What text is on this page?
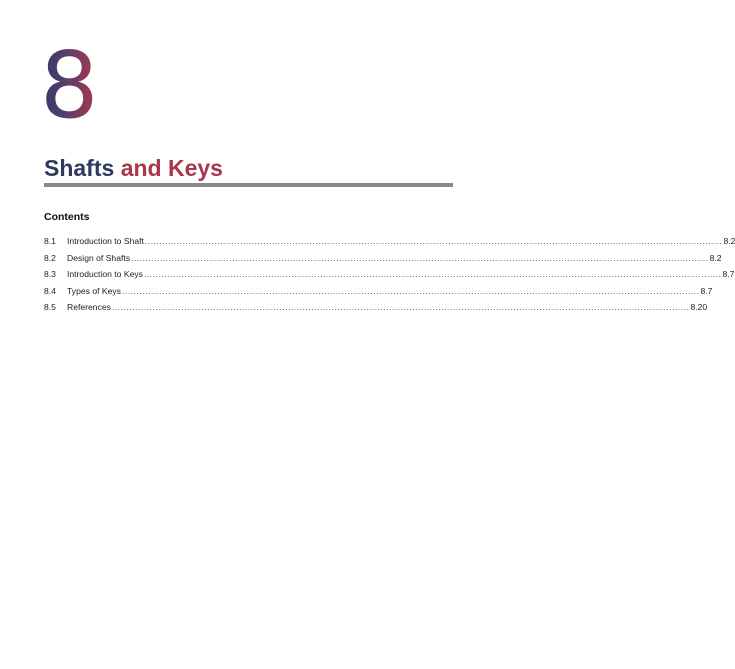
8
Shafts and Keys
Contents
8.1	Introduction to Shaft ........................................................................................................................................................................................................ 8.2
8.2	Design of Shafts ........................................................................................................................................................................................................ 8.2
8.3	Introduction to Keys ........................................................................................................................................................................................................ 8.7
8.4	Types of Keys ........................................................................................................................................................................................................ 8.7
8.5	References ........................................................................................................................................................................................................ 8.20
